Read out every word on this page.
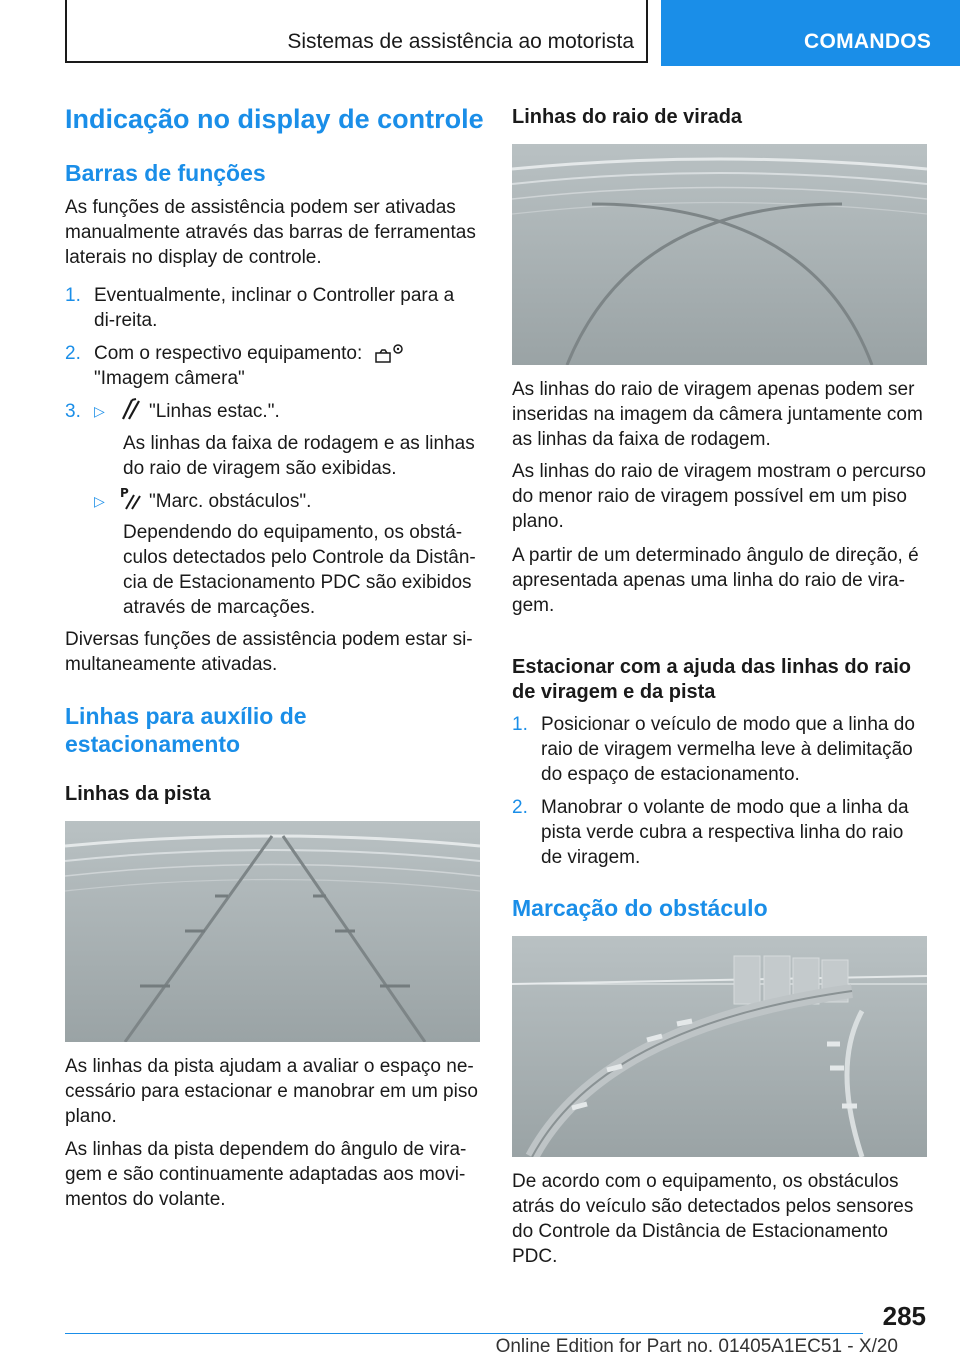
Sistemas de assistência ao motorista	COMANDOS
Indicação no display de controle
Barras de funções

As funções de assistência podem ser ativadas manualmente através das barras de ferramentas laterais no display de controle.

1. Eventualmente, inclinar o Controller para a di-reita.

2. Com o respectivo equipamento:

"Imagem câmera"

3. ▷ "Linhas estac.".

As linhas da faixa de rodagem e as linhas do raio de viragem são exibidas.

▷ P "Marc. obstáculos".

Dependendo do equipamento, os obstá-culos detectados pelo Controle da Distân-cia de Estacionamento PDC são exibidos através de marcações.

Diversas funções de assistência podem estar si-multaneamente ativadas.

Linhas para auxílio de estacionamento
Linhas da pista

As linhas da pista ajudam a avaliar o espaço ne-cessário para estacionar e manobrar em um piso plano.

As linhas da pista dependem do ângulo de vira-gem e são continuamente adaptadas aos movi-mentos do volante.

Linhas do raio de virada

As linhas do raio de viragem apenas podem ser inseridas na imagem da câmera juntamente com as linhas da faixa de rodagem.

As linhas do raio de viragem mostram o percurso do menor raio de viragem possível em um piso plano.

A partir de um determinado ângulo de direção, é apresentada apenas uma linha do raio de vira-gem.

Estacionar com a ajuda das linhas do raio de viragem e da pista
1. Posicionar o veículo de modo que a linha do raio de viragem vermelha leve à delimitação do espaço de estacionamento.

2. Manobrar o volante de modo que a linha da pista verde cubra a respectiva linha do raio de viragem.

Marcação do obstáculo

De acordo com o equipamento, os obstáculos atrás do veículo são detectados pelos sensores do Controle da Distância de Estacionamento PDC.

285
Online Edition for Part no. 01405A1EC51 - X/20
